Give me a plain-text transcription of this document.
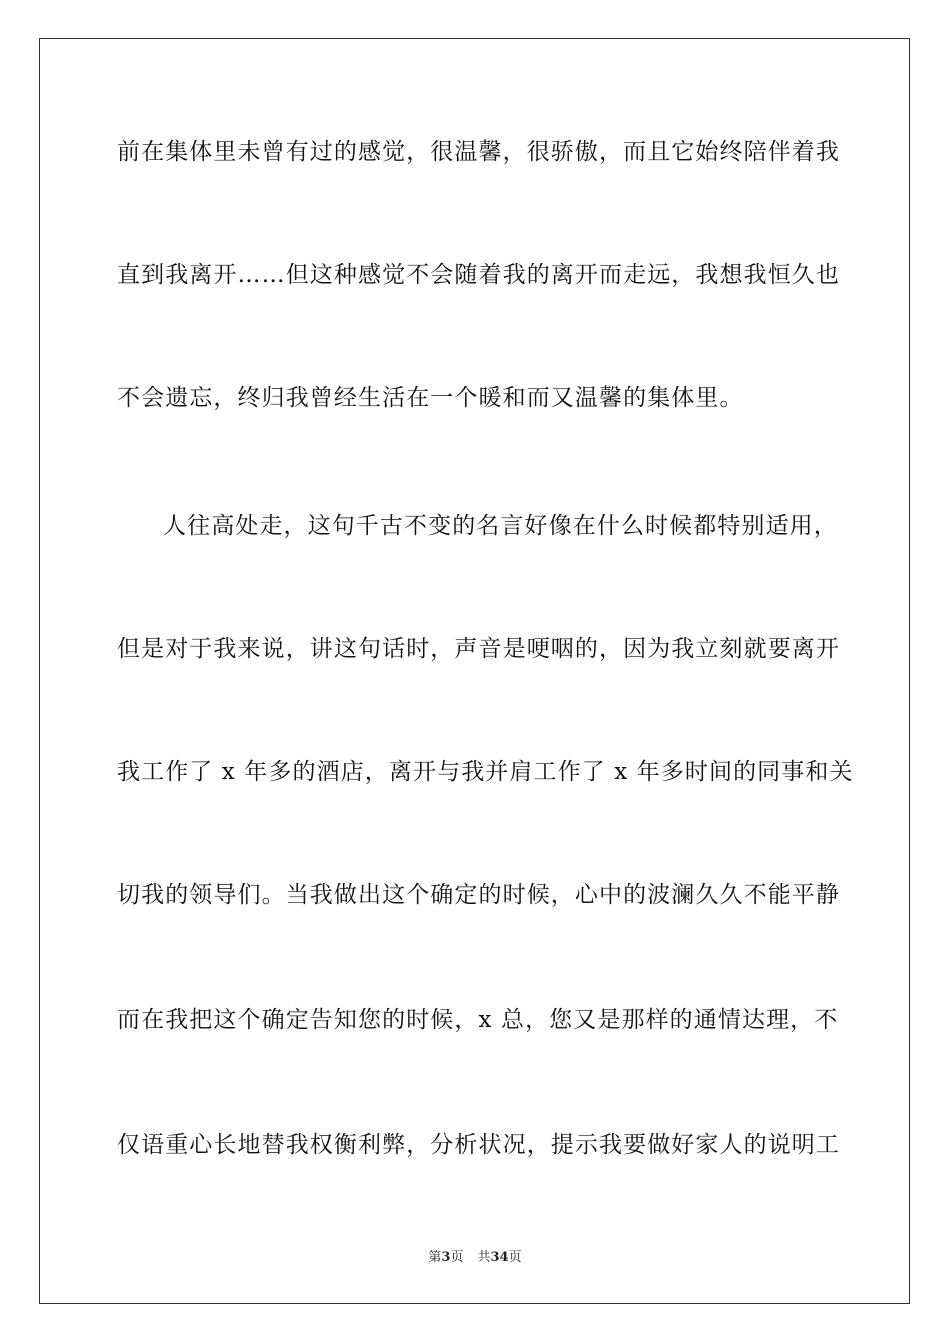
前在集体里未曾有过的感觉，很温馨，很骄傲，而且它始终陪伴着我
直到我离开……但这种感觉不会随着我的离开而走远，我想我恒久也
不会遗忘，终归我曾经生活在一个暖和而又温馨的集体里。
人往高处走，这句千古不变的名言好像在什么时候都特别适用，
但是对于我来说，讲这句话时，声音是哽咽的，因为我立刻就要离开
我工作了 x 年多的酒店，离开与我并肩工作了 x 年多时间的同事和关
切我的领导们。当我做出这个确定的时候，心中的波澜久久不能平静
而在我把这个确定告知您的时候，x 总，您又是那样的通情达理，不
仅语重心长地替我权衡利弊，分析状况，提示我要做好家人的说明工
第3页 共34页
